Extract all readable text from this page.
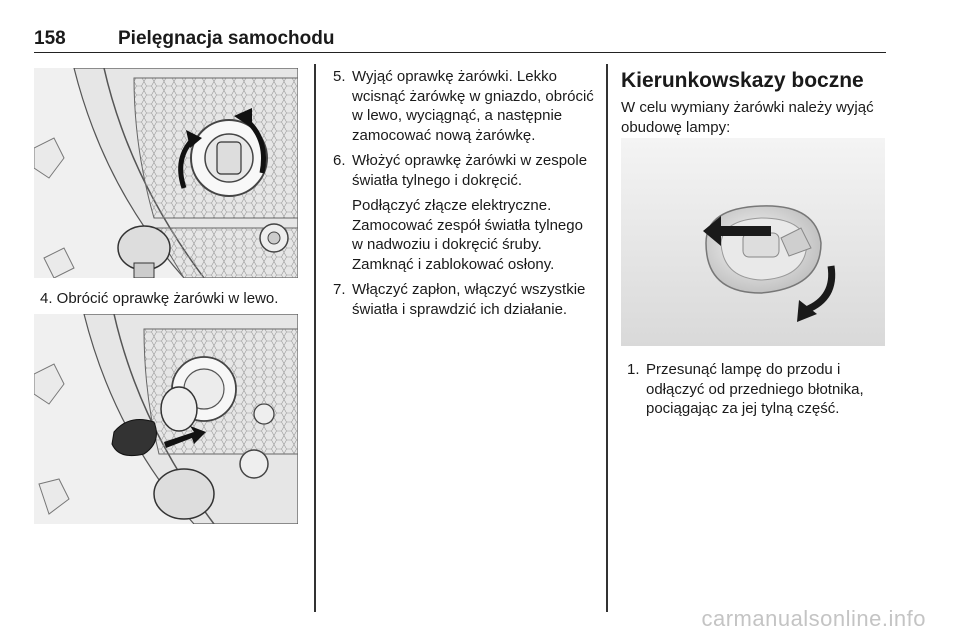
158	Pielęgnacja samochodu
4. Obrócić oprawkę żarówki w lewo.
5. Wyjąć oprawkę żarówki. Lekko wcisnąć żarówkę w gniazdo, obrócić w lewo, wyciągnąć, a następnie zamocować nową żarówkę.
6. Włożyć oprawkę żarówki w zespole światła tylnego i dokręcić.
Podłączyć złącze elektryczne. Zamocować zespół światła tylnego w nadwoziu i dokręcić śruby. Zamknąć i zablokować osłony.
7. Włączyć zapłon, włączyć wszystkie światła i sprawdzić ich działanie.
Kierunkowskazy boczne
W celu wymiany żarówki należy wyjąć obudowę lampy:
1. Przesunąć lampę do przodu i odłączyć od przedniego błotnika, pociągając za jej tylną część.
carmanualsonline.info
